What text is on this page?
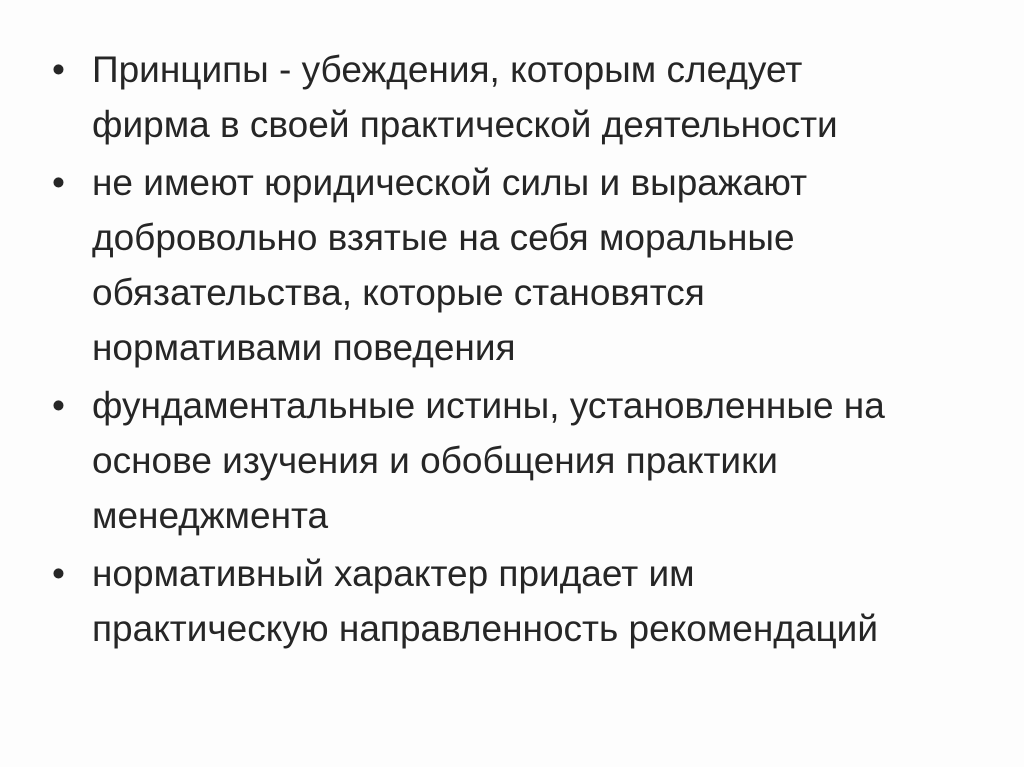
• Принципы - убеждения, которым следует
фирма в своей практической деятельности
• не имеют юридической силы и выражают
добровольно взятые на себя моральные
обязательства, которые становятся
нормативами поведения
• фундаментальные истины, установленные на
основе изучения и обобщения практики
менеджмента
• нормативный характер придает им
практическую направленность рекомендаций
